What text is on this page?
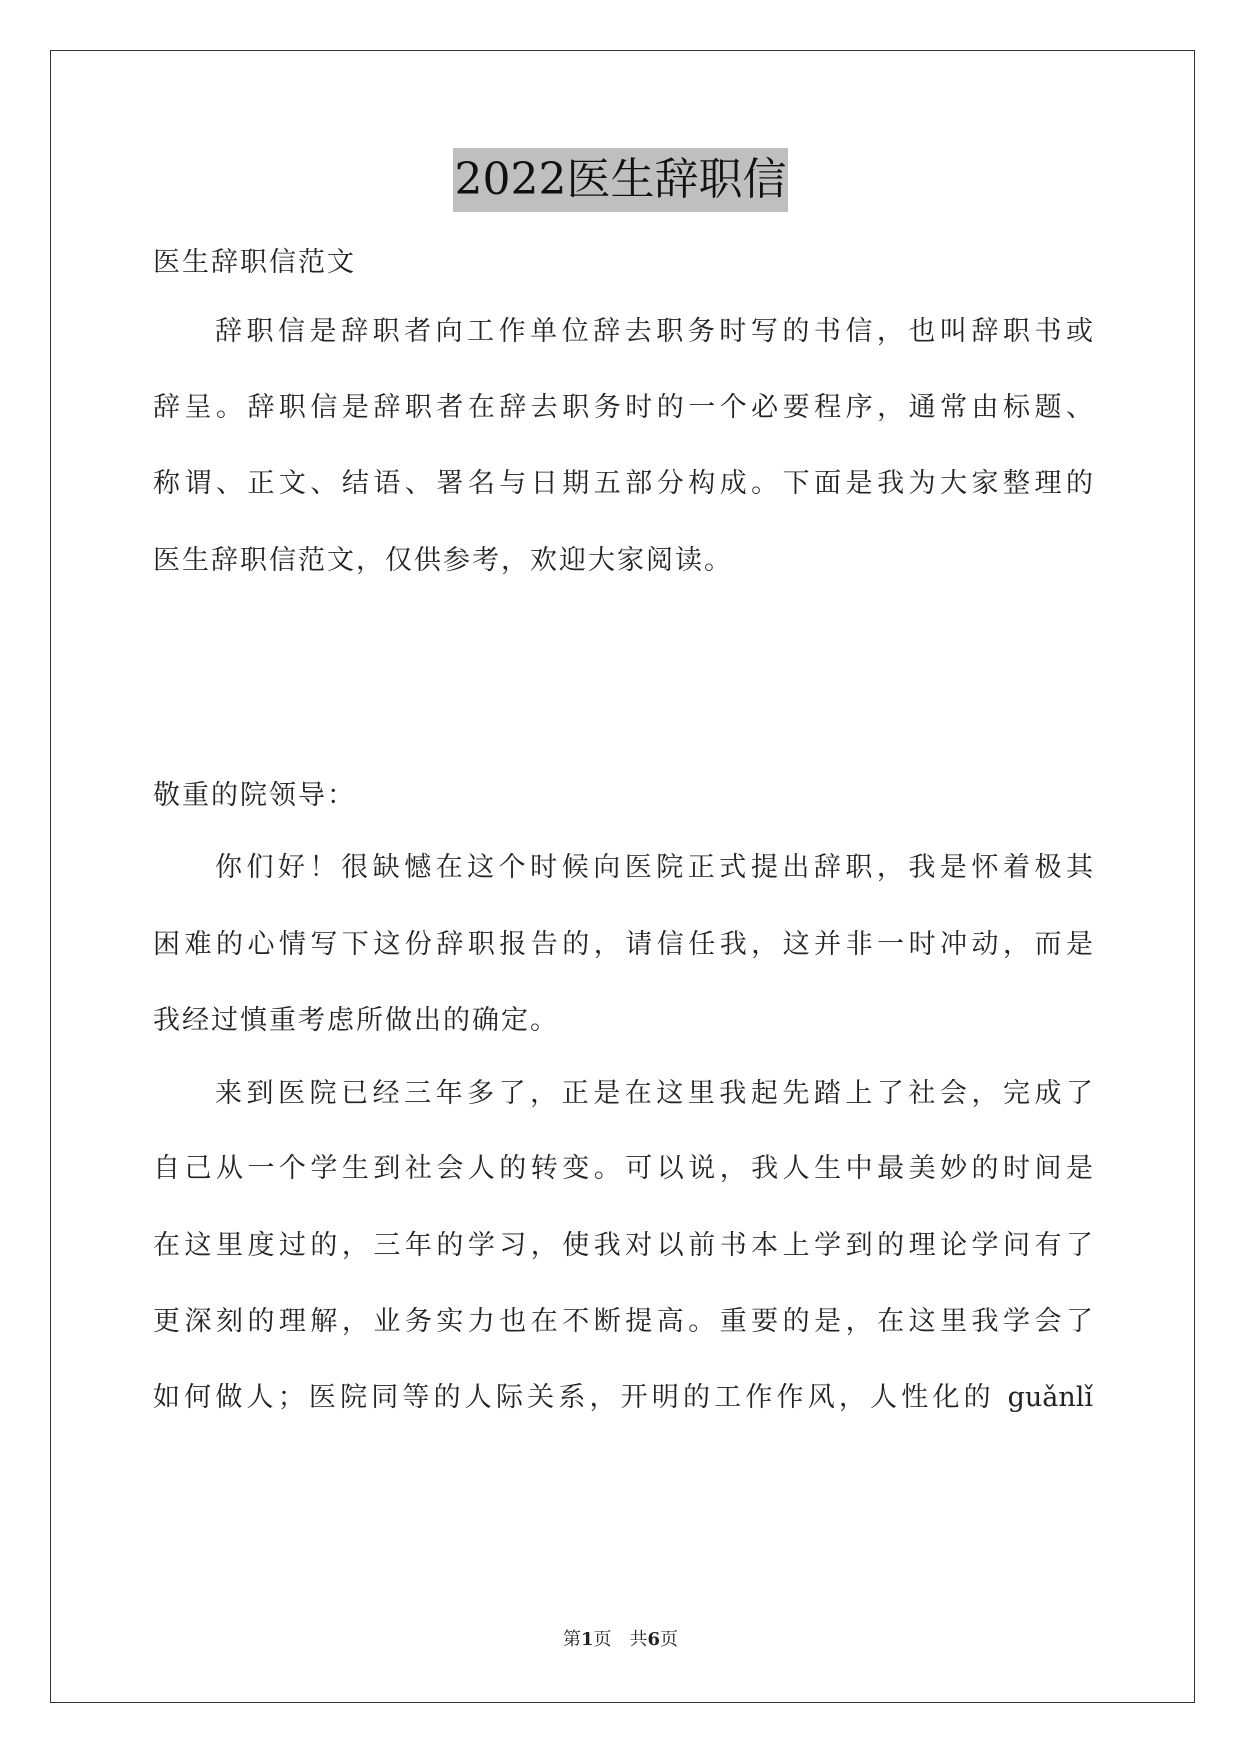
2022医生辞职信
医生辞职信范文
辞职信是辞职者向工作单位辞去职务时写的书信，也叫辞职书或
辞呈。辞职信是辞职者在辞去职务时的一个必要程序，通常由标题、
称谓、正文、结语、署名与日期五部分构成。下面是我为大家整理的
医生辞职信范文，仅供参考，欢迎大家阅读。
敬重的院领导：
你们好！很缺憾在这个时候向医院正式提出辞职，我是怀着极其
困难的心情写下这份辞职报告的，请信任我，这并非一时冲动，而是
我经过慎重考虑所做出的确定。
来到医院已经三年多了，正是在这里我起先踏上了社会，完成了
自己从一个学生到社会人的转变。可以说，我人生中最美妙的时间是
在这里度过的，三年的学习，使我对以前书本上学到的理论学问有了
更深刻的理解，业务实力也在不断提高。重要的是，在这里我学会了
如何做人；医院同等的人际关系，开明的工作作风，人性化的 guǎnlǐ
第1页　共6页
